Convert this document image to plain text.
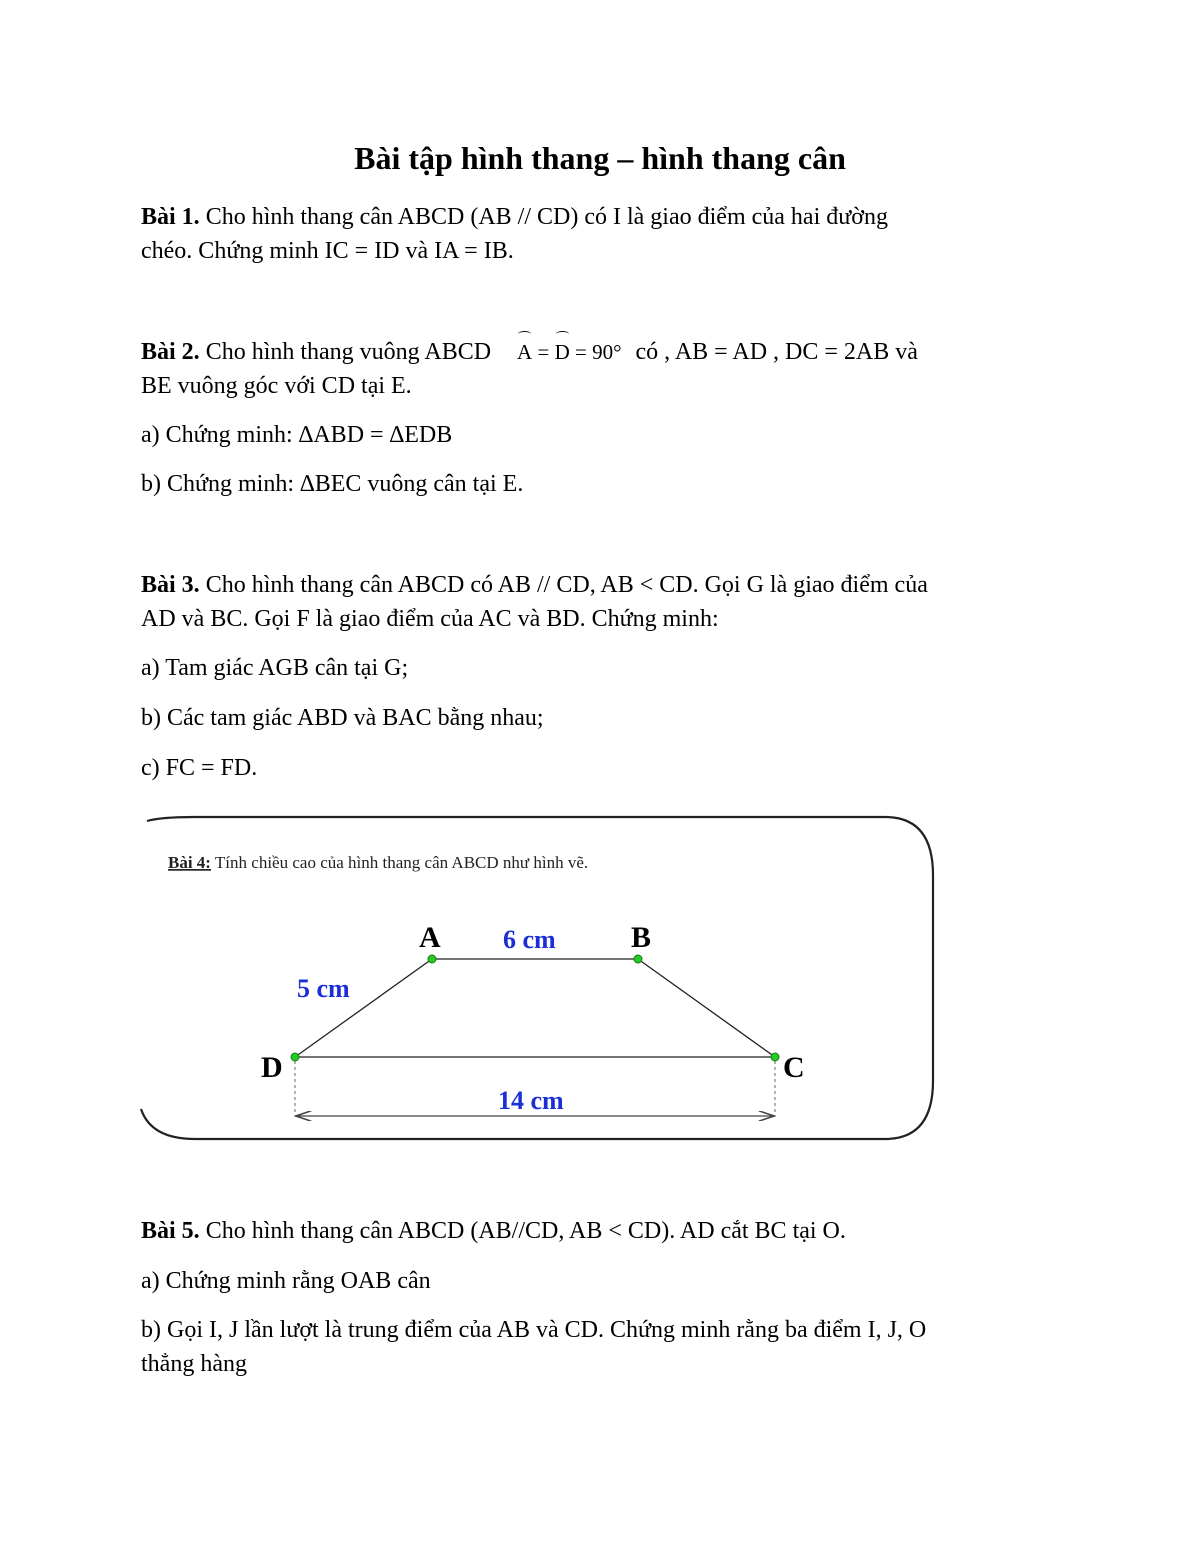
Bài tập hình thang – hình thang cân
Bài 1. Cho hình thang cân ABCD (AB // CD) có I là giao điểm của hai đường
chéo. Chứng minh IC = ID và IA = IB.
Bài 2. Cho hình thang vuông ABCD A = D = 90° có , AB = AD , DC = 2AB và
BE vuông góc với CD tại E.
a) Chứng minh: ∆ABD = ∆EDB
b) Chứng minh: ∆BEC vuông cân tại E.
Bài 3. Cho hình thang cân ABCD có AB // CD, AB < CD. Gọi G là giao điểm của
AD và BC. Gọi F là giao điểm của AC và BD. Chứng minh:
a) Tam giác AGB cân tại G;
b) Các tam giác ABD và BAC bằng nhau;
c) FC = FD.
Bài 4: Tính chiều cao của hình thang cân ABCD như hình vẽ.
A	B
D	C
6 cm
5 cm
14 cm
Bài 5. Cho hình thang cân ABCD (AB//CD, AB < CD). AD cắt BC tại O.
a) Chứng minh rằng OAB cân
b) Gọi I, J lần lượt là trung điểm của AB và CD. Chứng minh rằng ba điểm I, J, O
thẳng hàng
